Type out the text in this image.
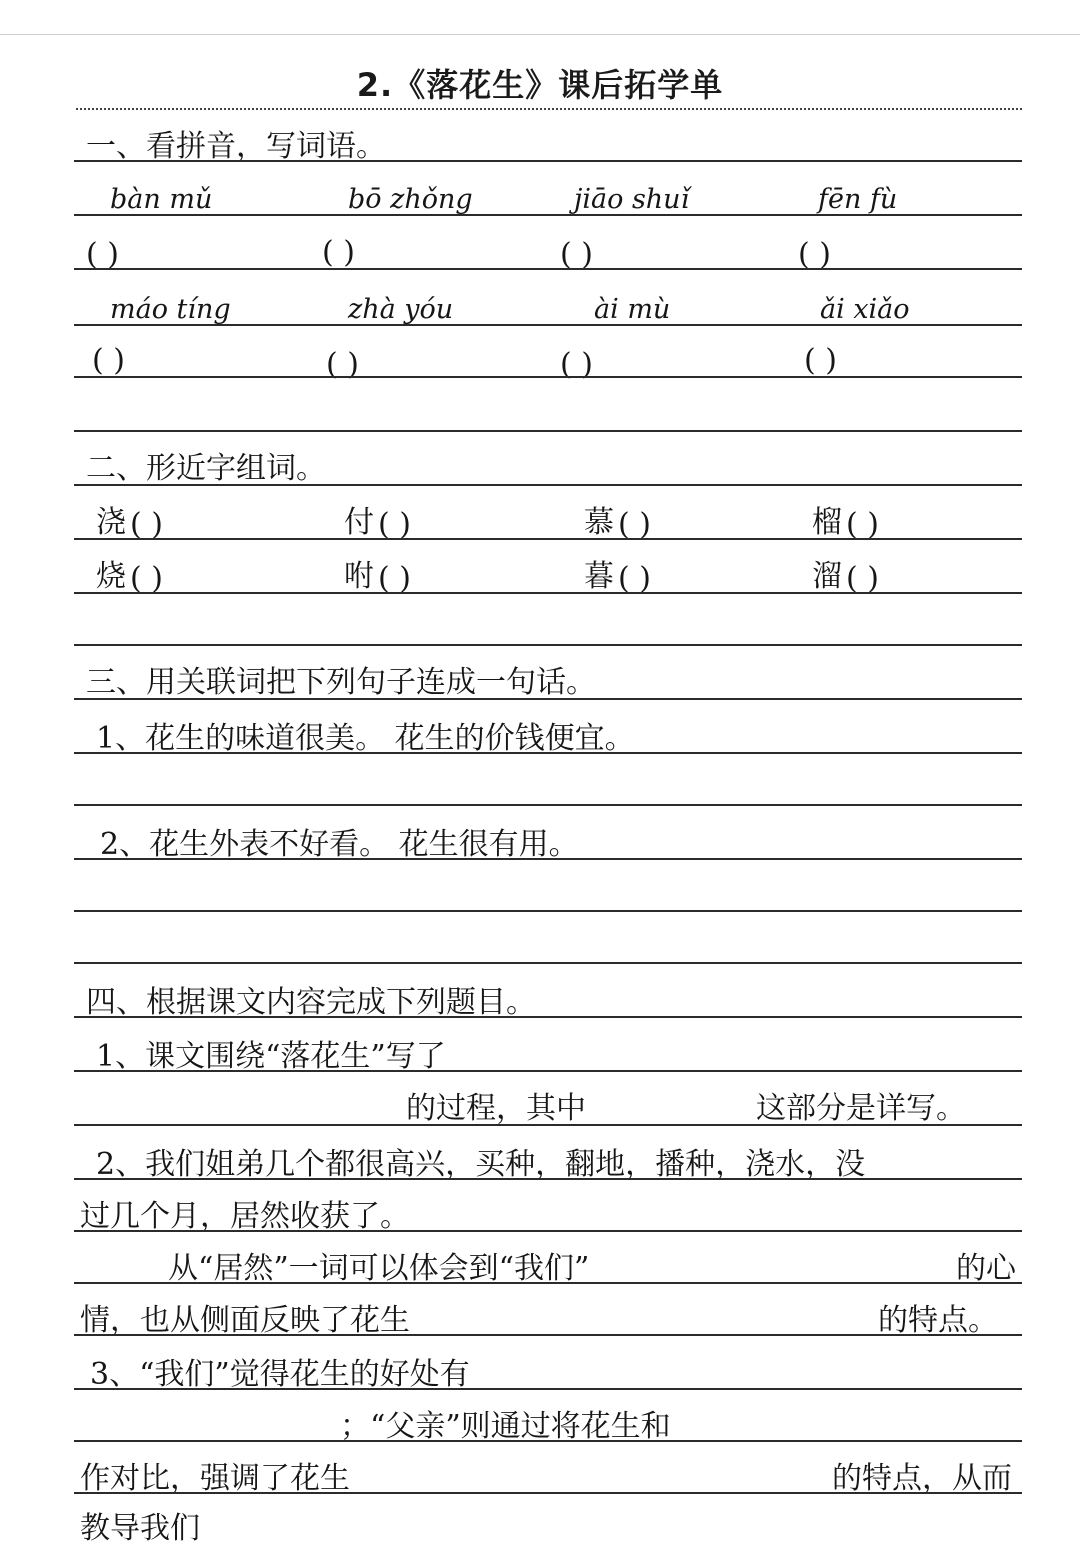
2.《落花生》课后拓学单
一、看拼音，写词语。
bàn mǔ	bō zhǒng	jiāo shuǐ	fēn fù
( )	( )	( )	( )
máo tíng	zhà yóu	ài mù	ǎi xiǎo
( )	( )	( )	( )
二、形近字组词。
浇 ( )	付 ( )	慕 ( )	榴 ( )
烧 ( )	咐 ( )	暮 ( )	溜 ( )
三、用关联词把下列句子连成一句话。
1、花生的味道很美。 花生的价钱便宜。
2、花生外表不好看。 花生很有用。
四、根据课文内容完成下列题目。
1、课文围绕“落花生”写了
的过程，其中	这部分是详写。
2、我们姐弟几个都很高兴，买种，翻地，播种，浇水，没
过几个月，居然收获了。
从“居然”一词可以体会到“我们”	的心
情，也从侧面反映了花生	的特点。
3、“我们”觉得花生的好处有
；“父亲”则通过将花生和
作对比，强调了花生	的特点，从而
教导我们
